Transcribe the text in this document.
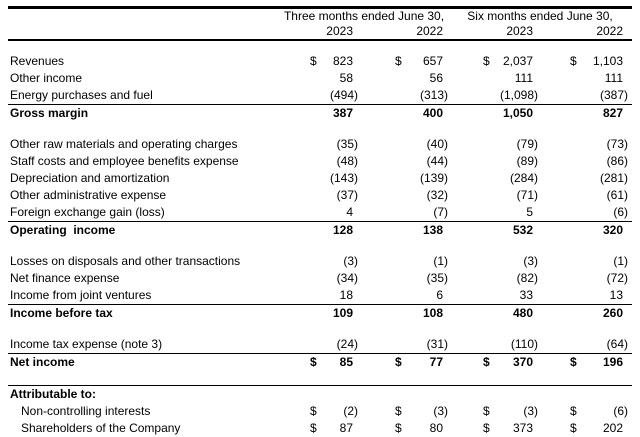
	Three months ended June 30,		Six months ended June 30,	
	2023	2022	2023	2022

Revenues	$ 823	$ 657	$ 2,037	$ 1,103
Other income	58	56	111	111
Energy purchases and fuel	(494)	(313)	(1,098)	(387)
Gross margin	387	400	1,050	827

Other raw materials and operating charges	(35)	(40)	(79)	(73)
Staff costs and employee benefits expense	(48)	(44)	(89)	(86)
Depreciation and amortization	(143)	(139)	(284)	(281)
Other administrative expense	(37)	(32)	(71)	(61)
Foreign exchange gain (loss)	4	(7)	5	(6)
Operating  income	128	138	532	320

Losses on disposals and other transactions	(3)	(1)	(3)	(1)
Net finance expense	(34)	(35)	(82)	(72)
Income from joint ventures	18	6	33	13
Income before tax	109	108	480	260

Income tax expense (note 3)	(24)	(31)	(110)	(64)
Net income	$ 85	$ 77	$ 370	$ 196

Attributable to:				
Non-controlling interests	$ (2)	$ (3)	$ (3)	$ (6)
Shareholders of the Company	$ 87	$ 80	$ 373	$ 202
